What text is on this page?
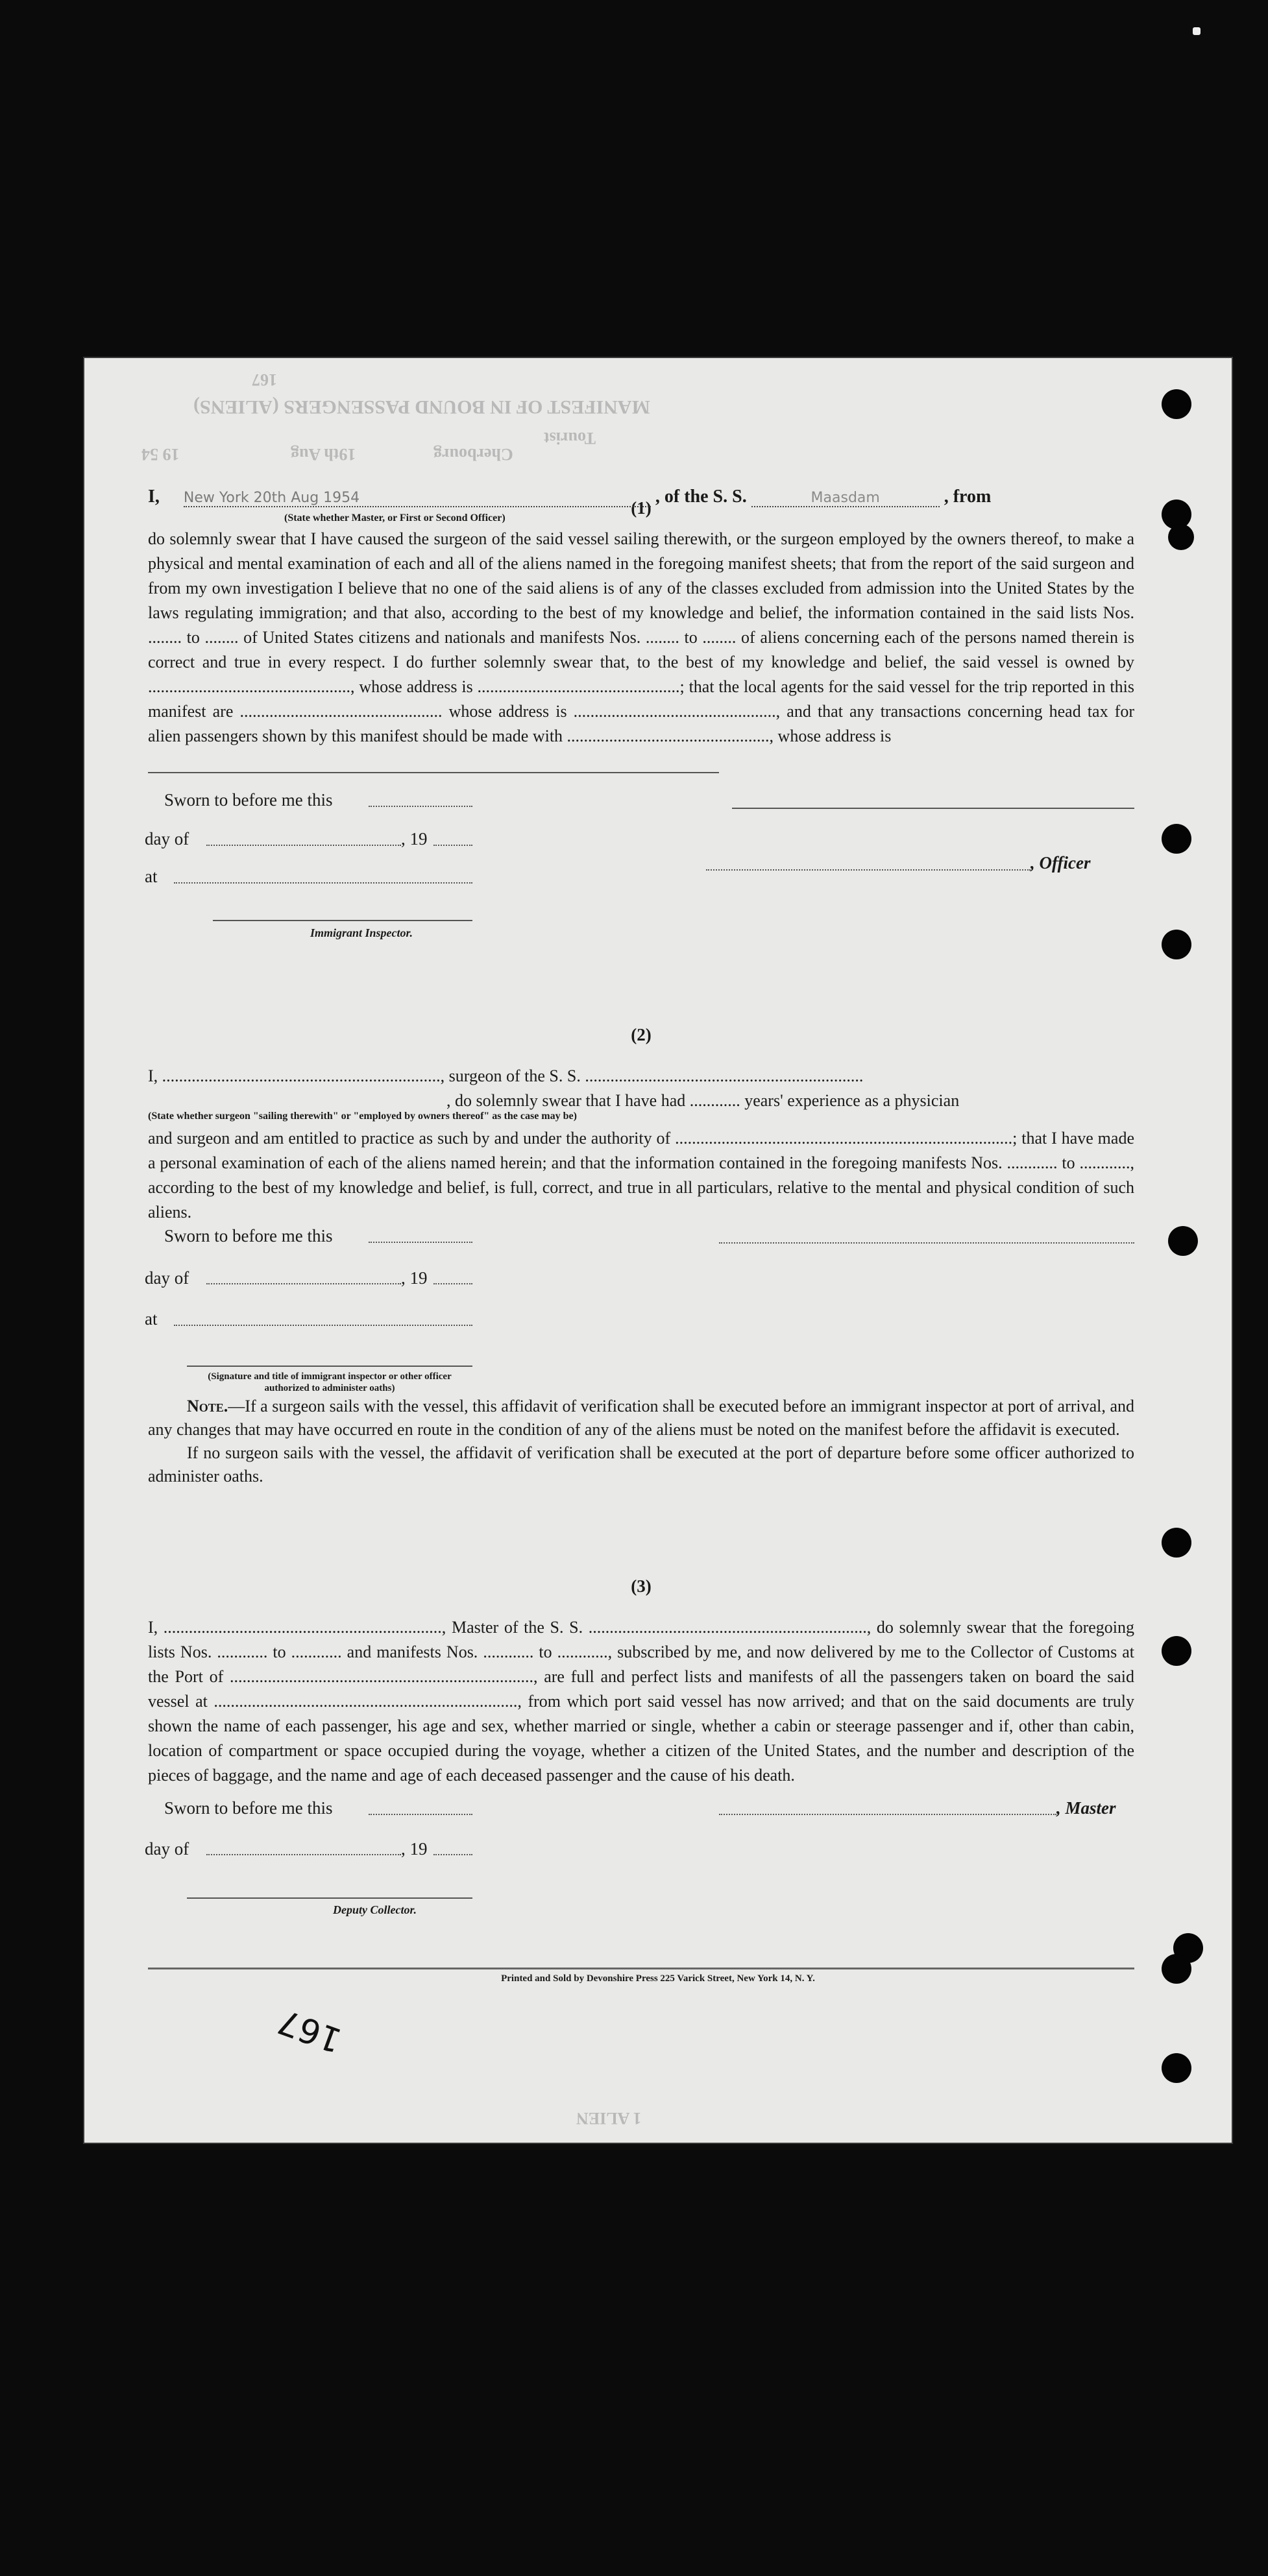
167
MANIFEST OF IN BOUND PASSENGERS (ALIENS)
Tourist
Cherbourg
19th Aug
19 54
(1)
I, New York 20th Aug 1954	, of the S. S.	Maasdam	, from
(State whether Master, or First or Second Officer)

do solemnly swear that I have caused the surgeon of the said vessel sailing therewith, or the surgeon employed by the owners thereof, to make a physical and mental examination of each and all of the aliens named in the foregoing manifest sheets; that from the report of the said surgeon and from my own investigation I believe that no one of the said aliens is of any of the classes excluded from admission into the United States by the laws regulating immigration; and that also, according to the best of my knowledge and belief, the information contained in the said lists Nos. ........ to ........ of United States citizens and nationals and manifests Nos. ........ to ........ of aliens concerning each of the persons named therein is correct and true in every respect. I do further solemnly swear that, to the best of my knowledge and belief, the said vessel is owned by ................................................, whose address is ................................................; that the local agents for the said vessel for the trip reported in this manifest are ................................................ whose address is ................................................, and that any transactions concerning head tax for alien passengers shown by this manifest should be made with ................................................, whose address is

Sworn to before me this
day of	, 19
, Officer
at
Immigrant Inspector.
(2)

I, .................................................................., surgeon of the S. S. ..................................................................

, do solemnly swear that I have had ............ years' experience as a physician

(State whether surgeon "sailing therewith" or "employed by owners thereof" as the case may be)

and surgeon and am entitled to practice as such by and under the authority of ................................................................................; that I have made a personal examination of each of the aliens named herein; and that the information contained in the foregoing manifests Nos. ............ to ............, according to the best of my knowledge and belief, is full, correct, and true in all particulars, relative to the mental and physical condition of such aliens.

Sworn to before me this
day of	, 19
at
(Signature and title of immigrant inspector or other officer authorized to administer oaths)

Note.—If a surgeon sails with the vessel, this affidavit of verification shall be executed before an immigrant inspector at port of arrival, and any changes that may have occurred en route in the condition of any of the aliens must be noted on the manifest before the affidavit is executed.

If no surgeon sails with the vessel, the affidavit of verification shall be executed at the port of departure before some officer authorized to administer oaths.

(3)

I, .................................................................., Master of the S. S. .................................................................., do solemnly swear that the foregoing lists Nos. ............ to ............ and manifests Nos. ............ to ............, subscribed by me, and now delivered by me to the Collector of Customs at the Port of ........................................................................, are full and perfect lists and manifests of all the passengers taken on board the said vessel at ........................................................................, from which port said vessel has now arrived; and that on the said documents are truly shown the name of each passenger, his age and sex, whether married or single, whether a cabin or steerage passenger and if, other than cabin, location of compartment or space occupied during the voyage, whether a citizen of the United States, and the number and description of the pieces of baggage, and the name and age of each deceased passenger and the cause of his death.

Sworn to before me this	, Master
day of	, 19
Deputy Collector.
Printed and Sold by Devonshire Press 225 Varick Street, New York 14, N. Y.
167
1 ALIEN
